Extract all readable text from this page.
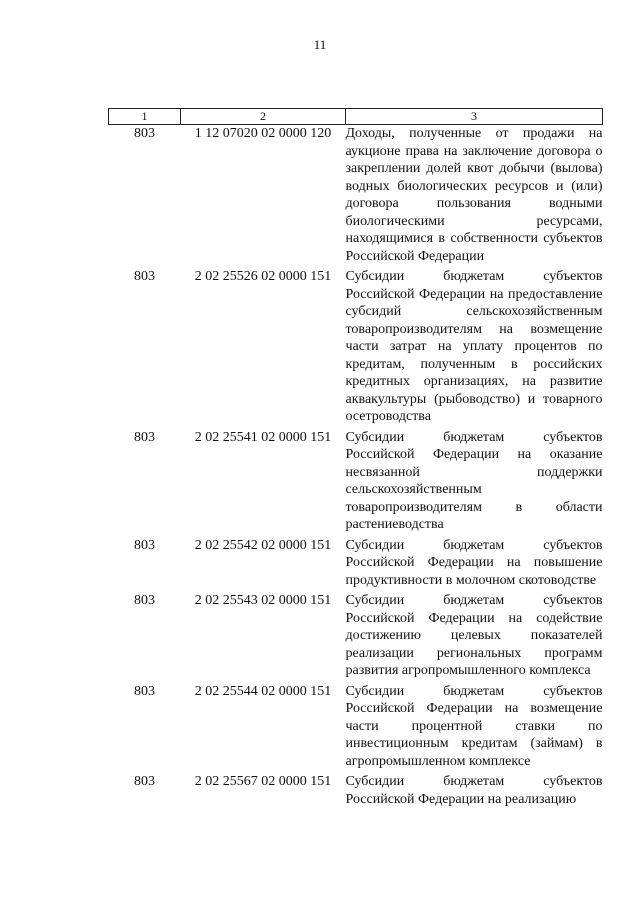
11
1	2	3
803	1 12 07020 02 0000 120	Доходы, полученные от продажи на аукционе права на заключение договора о закреплении долей квот добычи (вылова) водных биологических ресурсов и (или) договора пользования водными биологическими ресурсами, находящимися в собственности субъектов Российской Федерации
803	2 02 25526 02 0000 151	Субсидии бюджетам субъектов Российской Федерации на предоставление субсидий сельскохозяйственным товаропроизводителям на возмещение части затрат на уплату процентов по кредитам, полученным в российских кредитных организациях, на развитие аквакультуры (рыбоводство) и товарного осетроводства
803	2 02 25541 02 0000 151	Субсидии бюджетам субъектов Российской Федерации на оказание несвязанной поддержки сельскохозяйственным товаропроизводителям в области растениеводства
803	2 02 25542 02 0000 151	Субсидии бюджетам субъектов Российской Федерации на повышение продуктивности в молочном скотоводстве
803	2 02 25543 02 0000 151	Субсидии бюджетам субъектов Российской Федерации на содействие достижению целевых показателей реализации региональных программ развития агропромышленного комплекса
803	2 02 25544 02 0000 151	Субсидии бюджетам субъектов Российской Федерации на возмещение части процентной ставки по инвестиционным кредитам (займам) в агропромышленном комплексе
803	2 02 25567 02 0000 151	Субсидии бюджетам субъектов Российской Федерации на реализацию
